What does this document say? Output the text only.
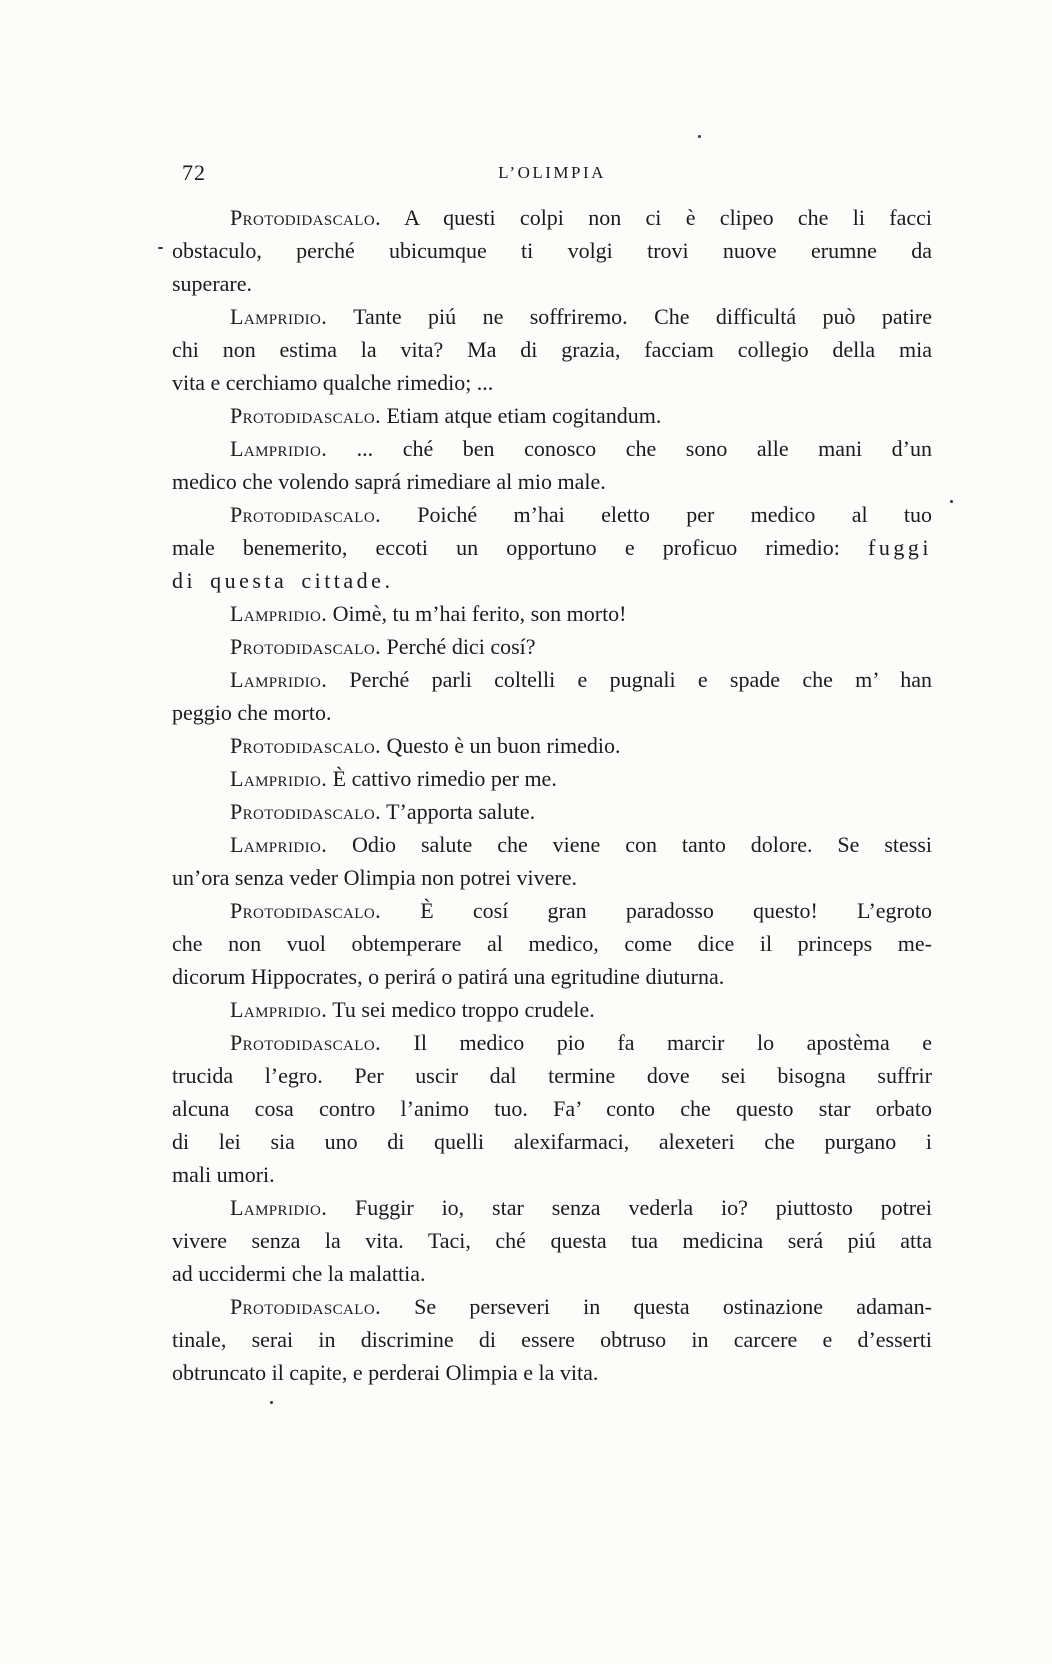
72	L’OLIMPIA
Protodidascalo. A questi colpi non ci è clipeo che li facci
obstaculo, perché ubicumque ti volgi trovi nuove erumne da
superare.
Lampridio. Tante piú ne soffriremo. Che difficultá può patire
chi non estima la vita? Ma di grazia, facciam collegio della mia
vita e cerchiamo qualche rimedio; ...
Protodidascalo. Etiam atque etiam cogitandum.
Lampridio. ... ché ben conosco che sono alle mani d’un
medico che volendo saprá rimediare al mio male.
Protodidascalo. Poiché m’hai eletto per medico al tuo
male benemerito, eccoti un opportuno e proficuo rimedio: fuggi
di questa cittade.
Lampridio. Oimè, tu m’hai ferito, son morto!
Protodidascalo. Perché dici cosí?
Lampridio. Perché parli coltelli e pugnali e spade che m’ han
peggio che morto.
Protodidascalo. Questo è un buon rimedio.
Lampridio. È cattivo rimedio per me.
Protodidascalo. T’apporta salute.
Lampridio. Odio salute che viene con tanto dolore. Se stessi
un’ora senza veder Olimpia non potrei vivere.
Protodidascalo. È cosí gran paradosso questo! L’egroto
che non vuol obtemperare al medico, come dice il princeps me-
dicorum Hippocrates, o perirá o patirá una egritudine diuturna.
Lampridio. Tu sei medico troppo crudele.
Protodidascalo. Il medico pio fa marcir lo apostèma e
trucida l’egro. Per uscir dal termine dove sei bisogna suffrir
alcuna cosa contro l’animo tuo. Fa’ conto che questo star orbato
di lei sia uno di quelli alexifarmaci, alexeteri che purgano i
mali umori.
Lampridio. Fuggir io, star senza vederla io? piuttosto potrei
vivere senza la vita. Taci, ché questa tua medicina será piú atta
ad uccidermi che la malattia.
Protodidascalo. Se perseveri in questa ostinazione adaman-
tinale, serai in discrimine di essere obtruso in carcere e d’esserti
obtruncato il capite, e perderai Olimpia e la vita.
